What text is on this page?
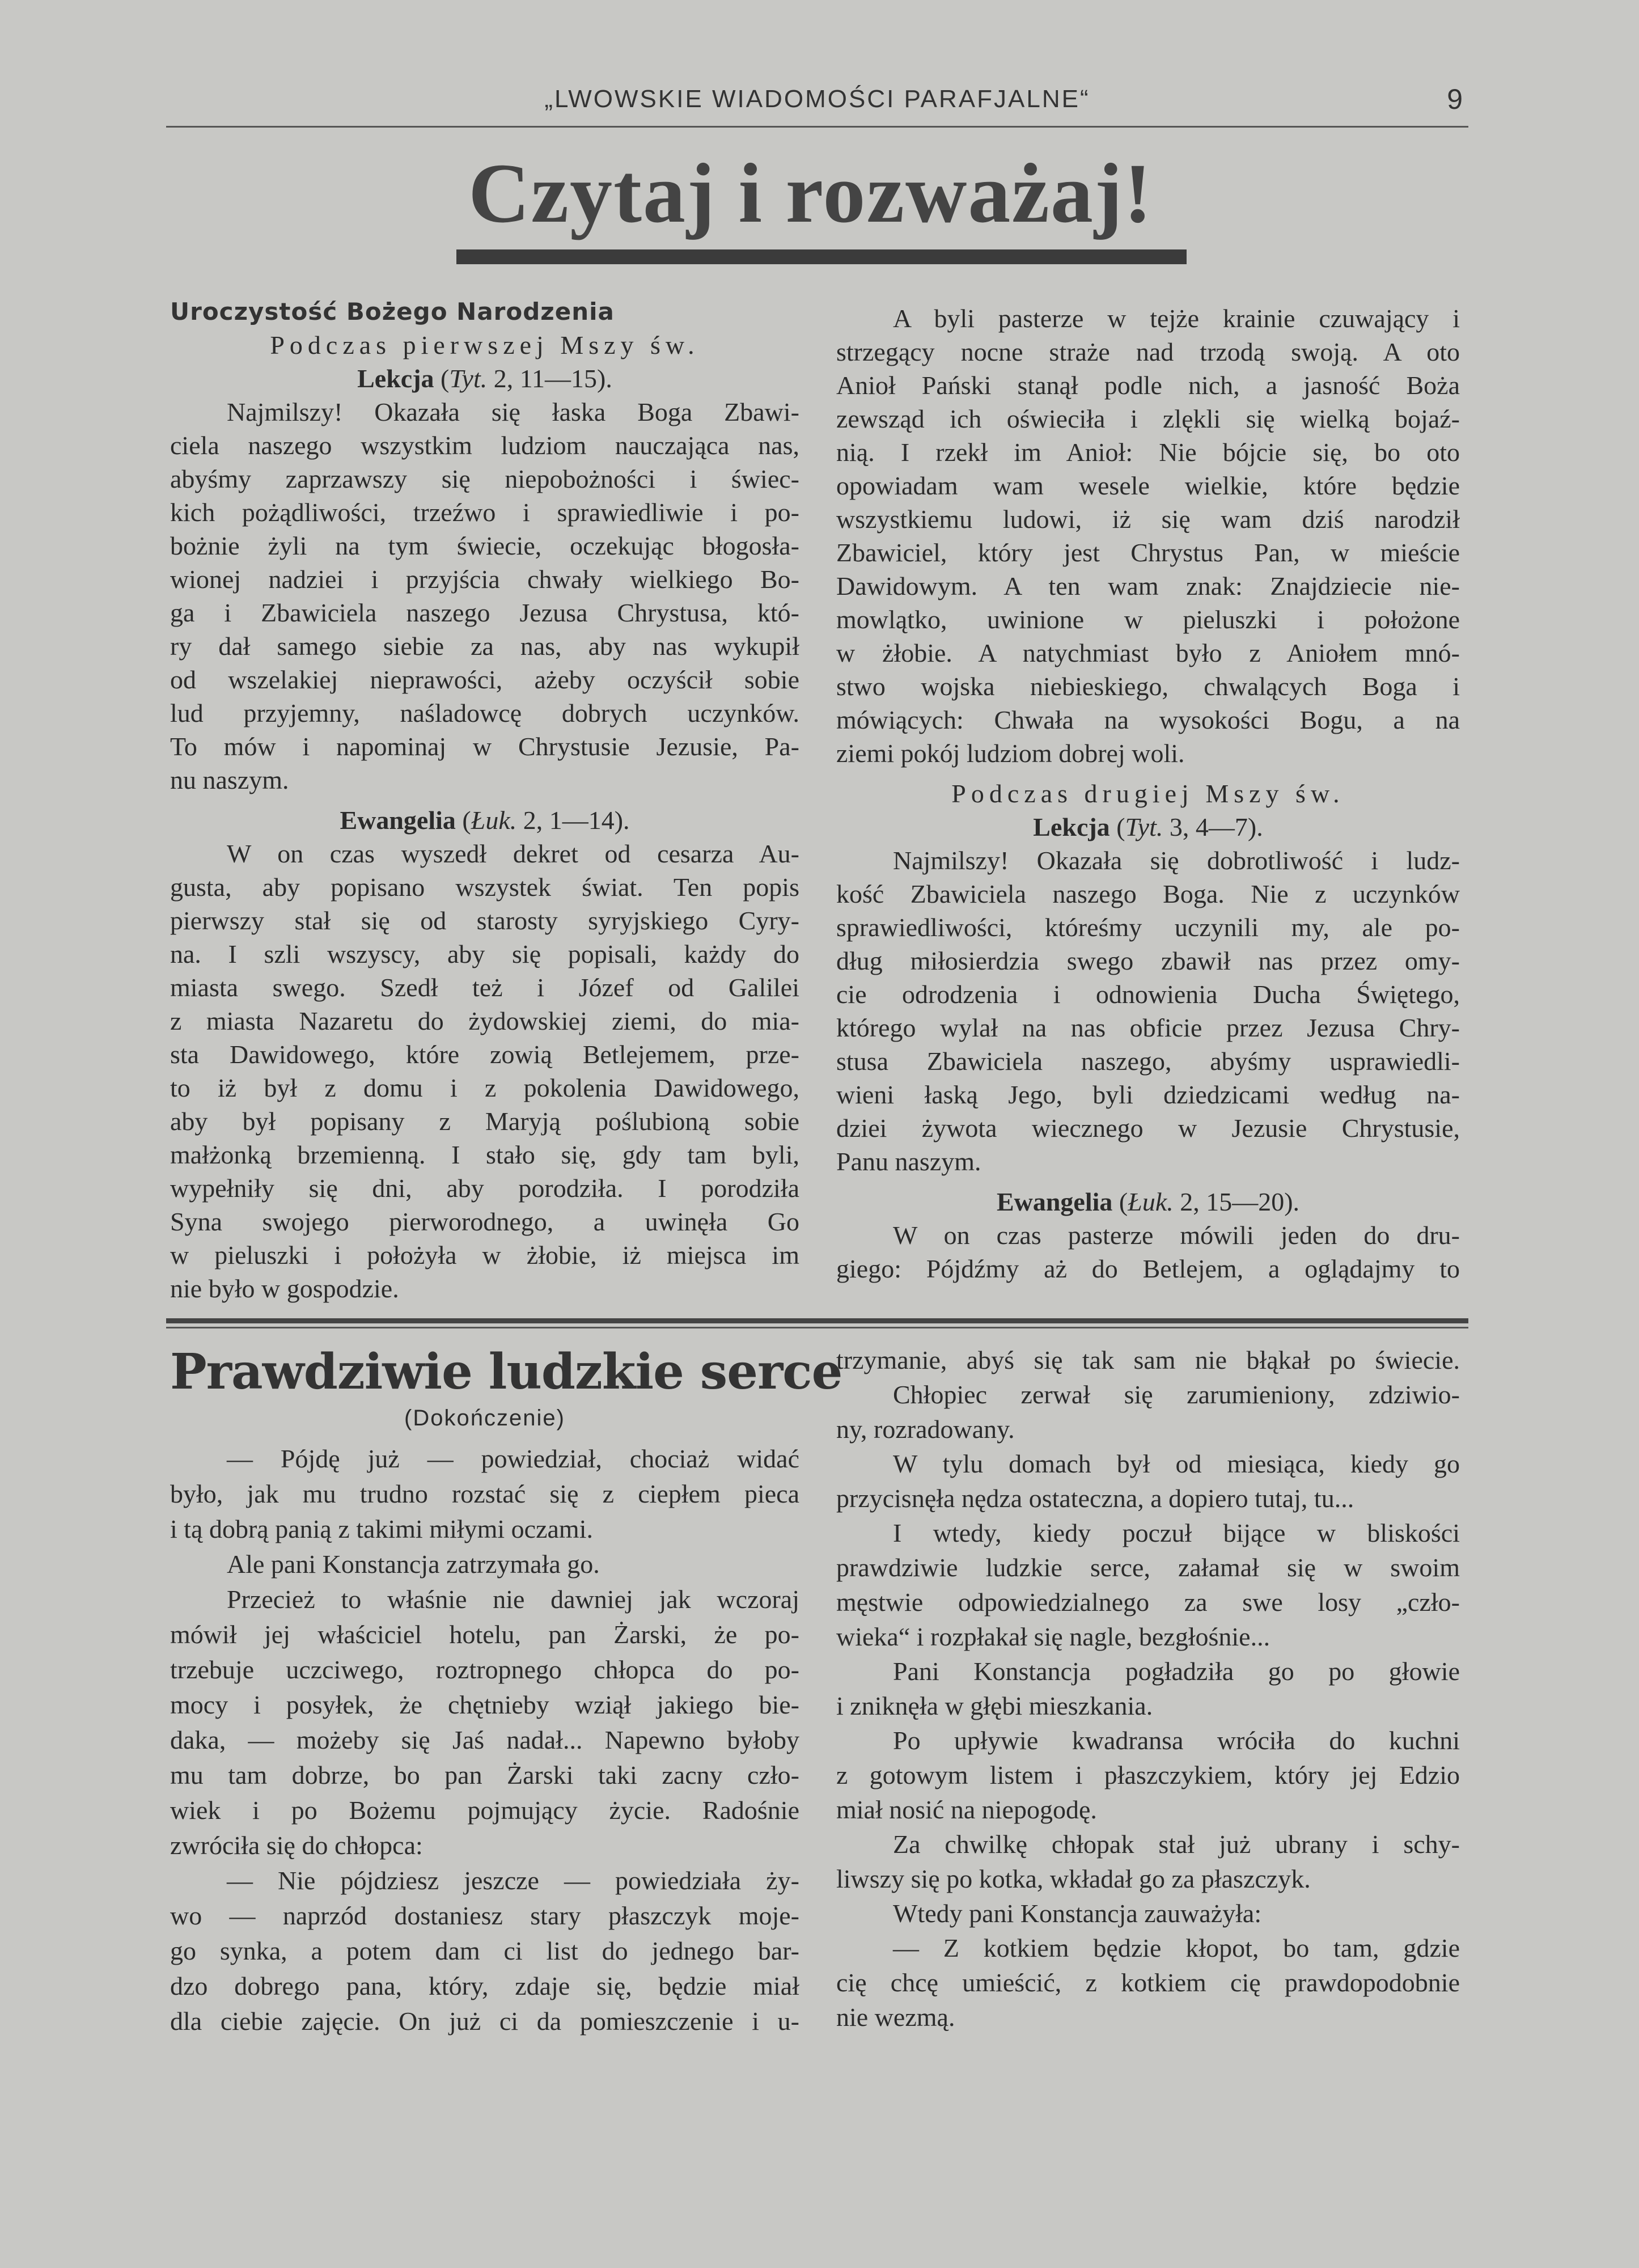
„LWOWSKIE WIADOMOŚCI PARAFJALNE“	9
Czytaj i rozważaj!
Uroczystość Bożego Narodzenia
Podczas pierwszej Mszy św.
Lekcja (Tyt. 2, 11—15).
Najmilszy! Okazała się łaska Boga Zbawi-
ciela naszego wszystkim ludziom nauczająca nas,
abyśmy zaprzawszy się niepobożności i świec-
kich pożądliwości, trzeźwo i sprawiedliwie i po-
bożnie żyli na tym świecie, oczekując błogosła-
wionej nadziei i przyjścia chwały wielkiego Bo-
ga i Zbawiciela naszego Jezusa Chrystusa, któ-
ry dał samego siebie za nas, aby nas wykupił
od wszelakiej nieprawości, ażeby oczyścił sobie
lud przyjemny, naśladowcę dobrych uczynków.
To mów i napominaj w Chrystusie Jezusie, Pa-
nu naszym.
Ewangelia (Łuk. 2, 1—14).
W on czas wyszedł dekret od cesarza Au-
gusta, aby popisano wszystek świat. Ten popis
pierwszy stał się od starosty syryjskiego Cyry-
na. I szli wszyscy, aby się popisali, każdy do
miasta swego. Szedł też i Józef od Galilei
z miasta Nazaretu do żydowskiej ziemi, do mia-
sta Dawidowego, które zowią Betlejemem, prze-
to iż był z domu i z pokolenia Dawidowego,
aby był popisany z Maryją poślubioną sobie
małżonką brzemienną. I stało się, gdy tam byli,
wypełniły się dni, aby porodziła. I porodziła
Syna swojego pierworodnego, a uwinęła Go
w pieluszki i położyła w żłobie, iż miejsca im
nie było w gospodzie.
A byli pasterze w tejże krainie czuwający i
strzegący nocne straże nad trzodą swoją. A oto
Anioł Pański stanął podle nich, a jasność Boża
zewsząd ich oświeciła i zlękli się wielką bojaź-
nią. I rzekł im Anioł: Nie bójcie się, bo oto
opowiadam wam wesele wielkie, które będzie
wszystkiemu ludowi, iż się wam dziś narodził
Zbawiciel, który jest Chrystus Pan, w mieście
Dawidowym. A ten wam znak: Znajdziecie nie-
mowlątko, uwinione w pieluszki i położone
w żłobie. A natychmiast było z Aniołem mnó-
stwo wojska niebieskiego, chwalących Boga i
mówiących: Chwała na wysokości Bogu, a na
ziemi pokój ludziom dobrej woli.
Podczas drugiej Mszy św.
Lekcja (Tyt. 3, 4—7).
Najmilszy! Okazała się dobrotliwość i ludz-
kość Zbawiciela naszego Boga. Nie z uczynków
sprawiedliwości, któreśmy uczynili my, ale po-
dług miłosierdzia swego zbawił nas przez omy-
cie odrodzenia i odnowienia Ducha Świętego,
którego wylał na nas obficie przez Jezusa Chry-
stusa Zbawiciela naszego, abyśmy usprawiedli-
wieni łaską Jego, byli dziedzicami według na-
dziei żywota wiecznego w Jezusie Chrystusie,
Panu naszym.
Ewangelia (Łuk. 2, 15—20).
W on czas pasterze mówili jeden do dru-
giego: Pójdźmy aż do Betlejem, a oglądajmy to
Prawdziwie ludzkie serce
(Dokończenie)
— Pójdę już — powiedział, chociaż widać
było, jak mu trudno rozstać się z ciepłem pieca
i tą dobrą panią z takimi miłymi oczami.
Ale pani Konstancja zatrzymała go.
Przecież to właśnie nie dawniej jak wczoraj
mówił jej właściciel hotelu, pan Żarski, że po-
trzebuje uczciwego, roztropnego chłopca do po-
mocy i posyłek, że chętnieby wziął jakiego bie-
daka, — możeby się Jaś nadał... Napewno byłoby
mu tam dobrze, bo pan Żarski taki zacny czło-
wiek i po Bożemu pojmujący życie. Radośnie
zwróciła się do chłopca:
— Nie pójdziesz jeszcze — powiedziała ży-
wo — naprzód dostaniesz stary płaszczyk moje-
go synka, a potem dam ci list do jednego bar-
dzo dobrego pana, który, zdaje się, będzie miał
dla ciebie zajęcie. On już ci da pomieszczenie i u-
trzymanie, abyś się tak sam nie błąkał po świecie.
Chłopiec zerwał się zarumieniony, zdziwio-
ny, rozradowany.
W tylu domach był od miesiąca, kiedy go
przycisnęła nędza ostateczna, a dopiero tutaj, tu...
I wtedy, kiedy poczuł bijące w bliskości
prawdziwie ludzkie serce, załamał się w swoim
męstwie odpowiedzialnego za swe losy „czło-
wieka“ i rozpłakał się nagle, bezgłośnie...
Pani Konstancja pogładziła go po głowie
i zniknęła w głębi mieszkania.
Po upływie kwadransa wróciła do kuchni
z gotowym listem i płaszczykiem, który jej Edzio
miał nosić na niepogodę.
Za chwilkę chłopak stał już ubrany i schy-
liwszy się po kotka, wkładał go za płaszczyk.
Wtedy pani Konstancja zauważyła:
— Z kotkiem będzie kłopot, bo tam, gdzie
cię chcę umieścić, z kotkiem cię prawdopodobnie
nie wezmą.
